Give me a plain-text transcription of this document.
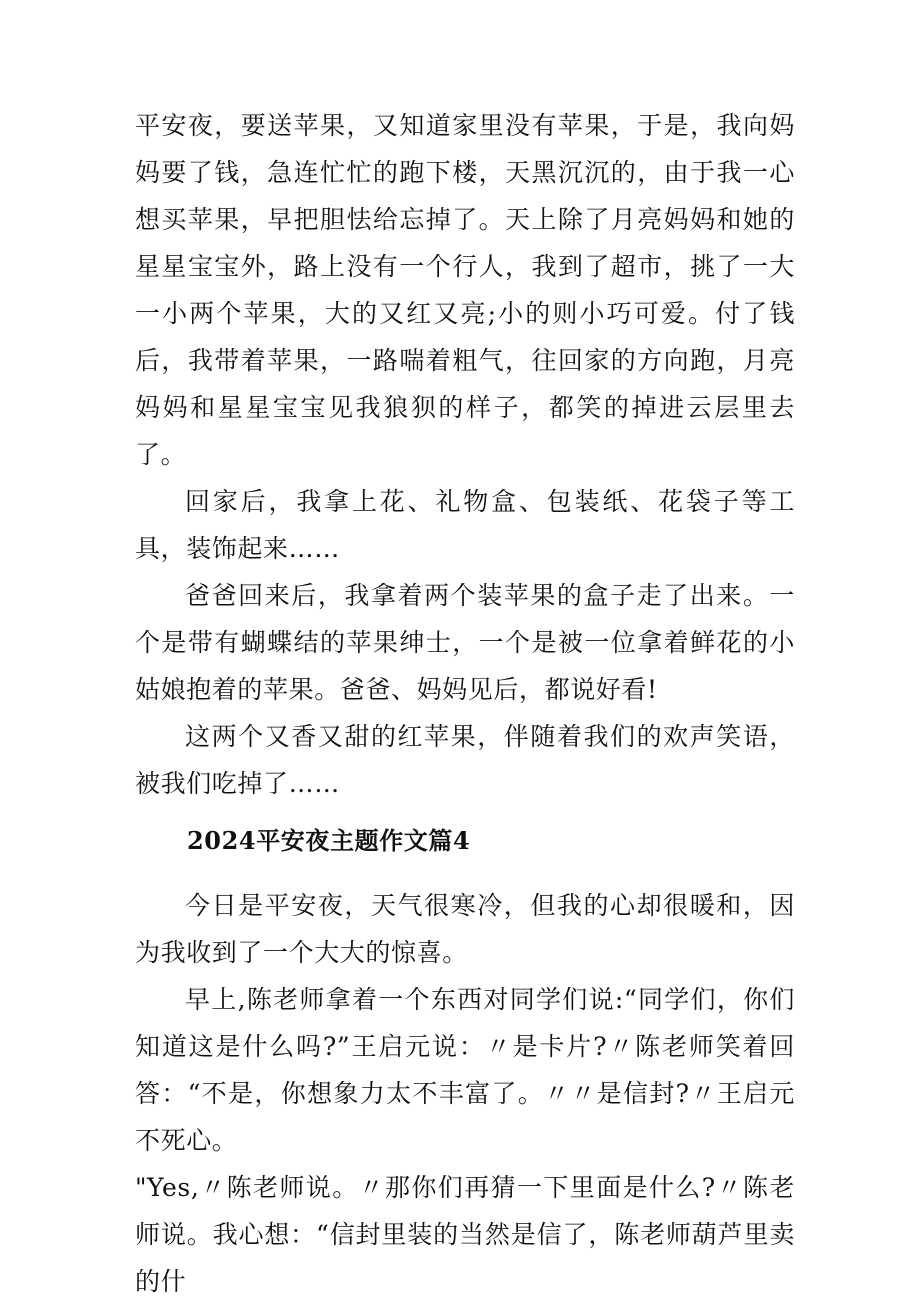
平安夜，要送苹果，又知道家里没有苹果，于是，我向妈妈要了钱，急连忙忙的跑下楼，天黑沉沉的，由于我一心想买苹果，早把胆怯给忘掉了。天上除了月亮妈妈和她的星星宝宝外，路上没有一个行人，我到了超市，挑了一大一小两个苹果，大的又红又亮;小的则小巧可爱。付了钱后，我带着苹果，一路喘着粗气，往回家的方向跑，月亮妈妈和星星宝宝见我狼狈的样子，都笑的掉进云层里去了。

回家后，我拿上花、礼物盒、包装纸、花袋子等工具，装饰起来……

爸爸回来后，我拿着两个装苹果的盒子走了出来。一个是带有蝴蝶结的苹果绅士，一个是被一位拿着鲜花的小姑娘抱着的苹果。爸爸、妈妈见后，都说好看!

这两个又香又甜的红苹果，伴随着我们的欢声笑语，被我们吃掉了……

2024平安夜主题作文篇4

今日是平安夜，天气很寒冷，但我的心却很暖和，因为我收到了一个大大的惊喜。

早上,陈老师拿着一个东西对同学们说:“同学们，你们知道这是什么吗?”王启元说：〃是卡片?〃陈老师笑着回答：“不是，你想象力太不丰富了。〃〃是信封?〃王启元不死心。

"Yes,〃陈老师说。〃那你们再猜一下里面是什么?〃陈老师说。我心想：“信封里装的当然是信了，陈老师葫芦里卖的什
